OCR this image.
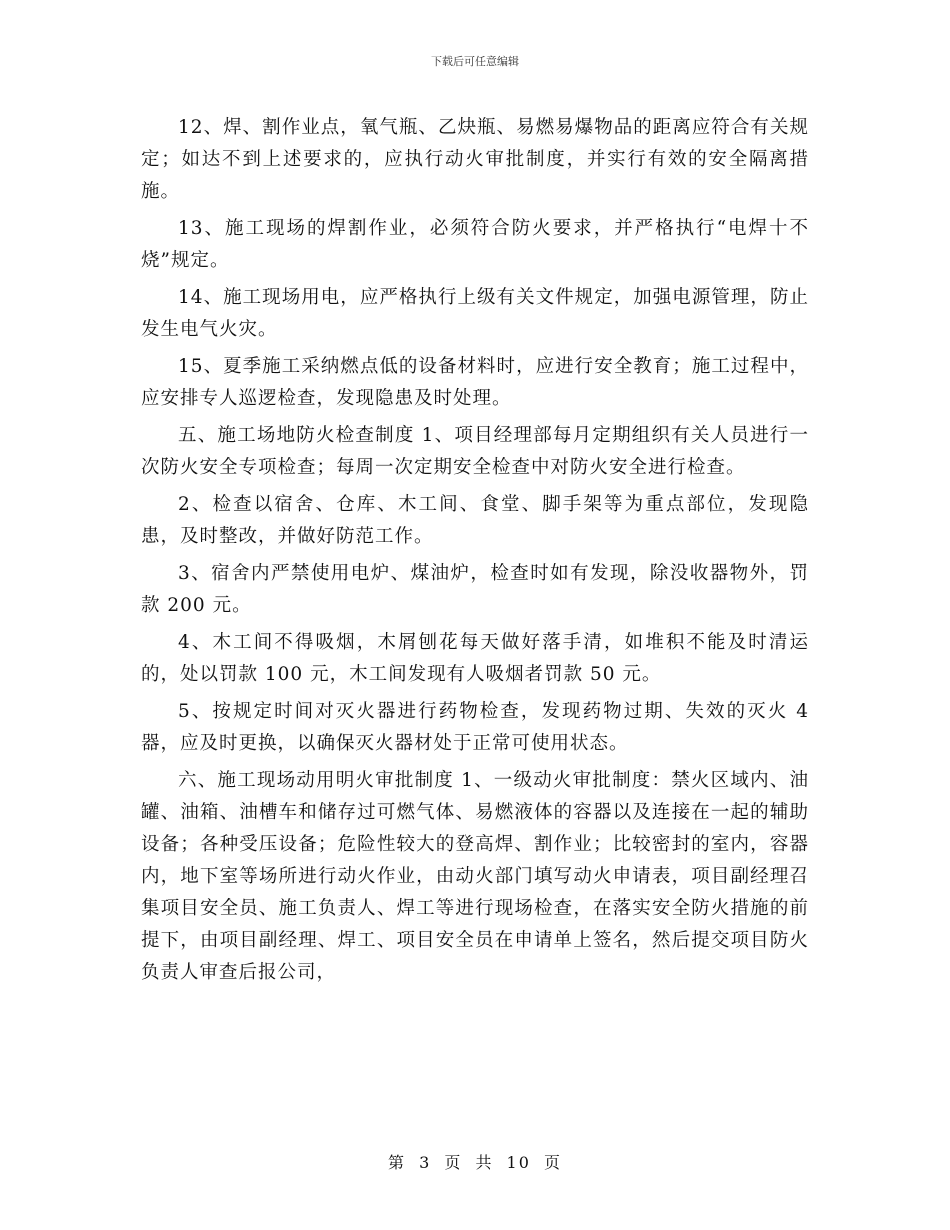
下载后可任意编辑

12、焊、割作业点，氧气瓶、乙炔瓶、易燃易爆物品的距离应符合有关规定；如达不到上述要求的，应执行动火审批制度，并实行有效的安全隔离措施。

13、施工现场的焊割作业，必须符合防火要求，并严格执行“电焊十不烧”规定。

14、施工现场用电，应严格执行上级有关文件规定，加强电源管理，防止发生电气火灾。

15、夏季施工采纳燃点低的设备材料时，应进行安全教育；施工过程中，应安排专人巡逻检查，发现隐患及时处理。

五、施工场地防火检查制度 1、项目经理部每月定期组织有关人员进行一次防火安全专项检查；每周一次定期安全检查中对防火安全进行检查。

2、检查以宿舍、仓库、木工间、食堂、脚手架等为重点部位，发现隐患，及时整改，并做好防范工作。

3、宿舍内严禁使用电炉、煤油炉，检查时如有发现，除没收器物外，罚款 200 元。

4、木工间不得吸烟，木屑刨花每天做好落手清，如堆积不能及时清运的，处以罚款 100 元，木工间发现有人吸烟者罚款 50 元。

5、按规定时间对灭火器进行药物检查，发现药物过期、失效的灭火 4 器，应及时更换，以确保灭火器材处于正常可使用状态。

六、施工现场动用明火审批制度 1、一级动火审批制度：禁火区域内、油罐、油箱、油槽车和储存过可燃气体、易燃液体的容器以及连接在一起的辅助设备；各种受压设备；危险性较大的登高焊、割作业；比较密封的室内，容器内，地下室等场所进行动火作业，由动火部门填写动火申请表，项目副经理召集项目安全员、施工负责人、焊工等进行现场检查，在落实安全防火措施的前提下，由项目副经理、焊工、项目安全员在申请单上签名，然后提交项目防火负责人审查后报公司，

第 3 页 共 10 页
